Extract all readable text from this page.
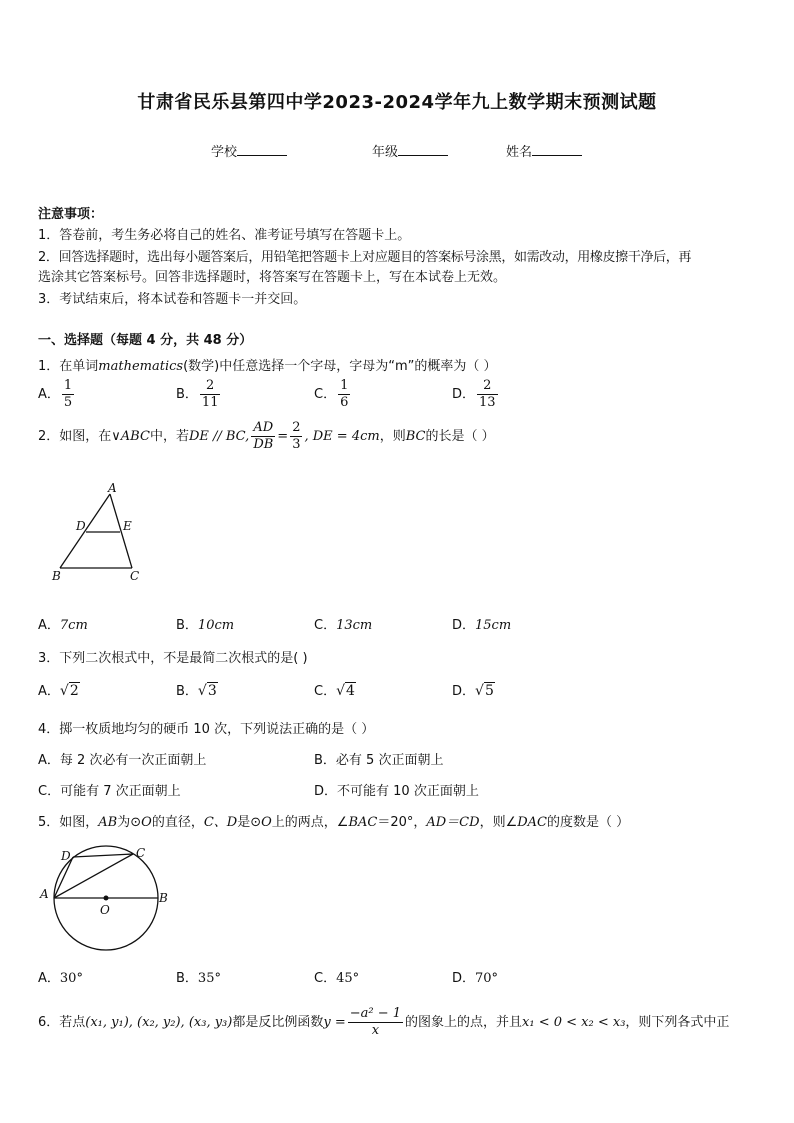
甘肃省民乐县第四中学2023-2024学年九上数学期末预测试题
学校	年级	姓名
注意事项：
1．答卷前，考生务必将自己的姓名、准考证号填写在答题卡上。
2．回答选择题时，选出每小题答案后，用铅笔把答题卡上对应题目的答案标号涂黑，如需改动，用橡皮擦干净后，再
选涂其它答案标号。回答非选择题时，将答案写在答题卡上，写在本试卷上无效。
3．考试结束后，将本试卷和答题卡一并交回。
一、选择题（每题 4 分，共 48 分）
1．在单词mathematics(数学)中任意选择一个字母，字母为“m”的概率为（ ）
A． $\frac{1}{5}$	B． $\frac{2}{11}$	C． $\frac{1}{6}$	D． $\frac{2}{13}$
2．如图，在∨ABC中，若DE // BC, $\frac{AD}{DB} = \frac{2}{3}$ , DE = 4cm，则BC的长是（ ）
A
D	E
B	C
A．7cm	B．10cm	C．13cm	D．15cm
3．下列二次根式中，不是最简二次根式的是( )
A．√2	B．√3	C．√4	D．√5
4．掷一枚质地均匀的硬币 10 次，下列说法正确的是（ ）
A．每 2 次必有一次正面朝上	B．必有 5 次正面朝上
C．可能有 7 次正面朝上	D．不可能有 10 次正面朝上
5．如图，AB为⊙O的直径，C、D是⊙O上的两点，∠BAC＝20°，AD＝CD，则∠DAC的度数是（ ）
D	C
A	B
O
A．30°	B．35°	C．45°	D．70°
6．若点(x₁, y₁), (x₂, y₂), (x₃, y₃)都是反比例函数$y = \frac{\text{−a² − 1}}{x}$ 的图象上的点，并且x₁ < 0 < x₂ < x₃，则下列各式中正
